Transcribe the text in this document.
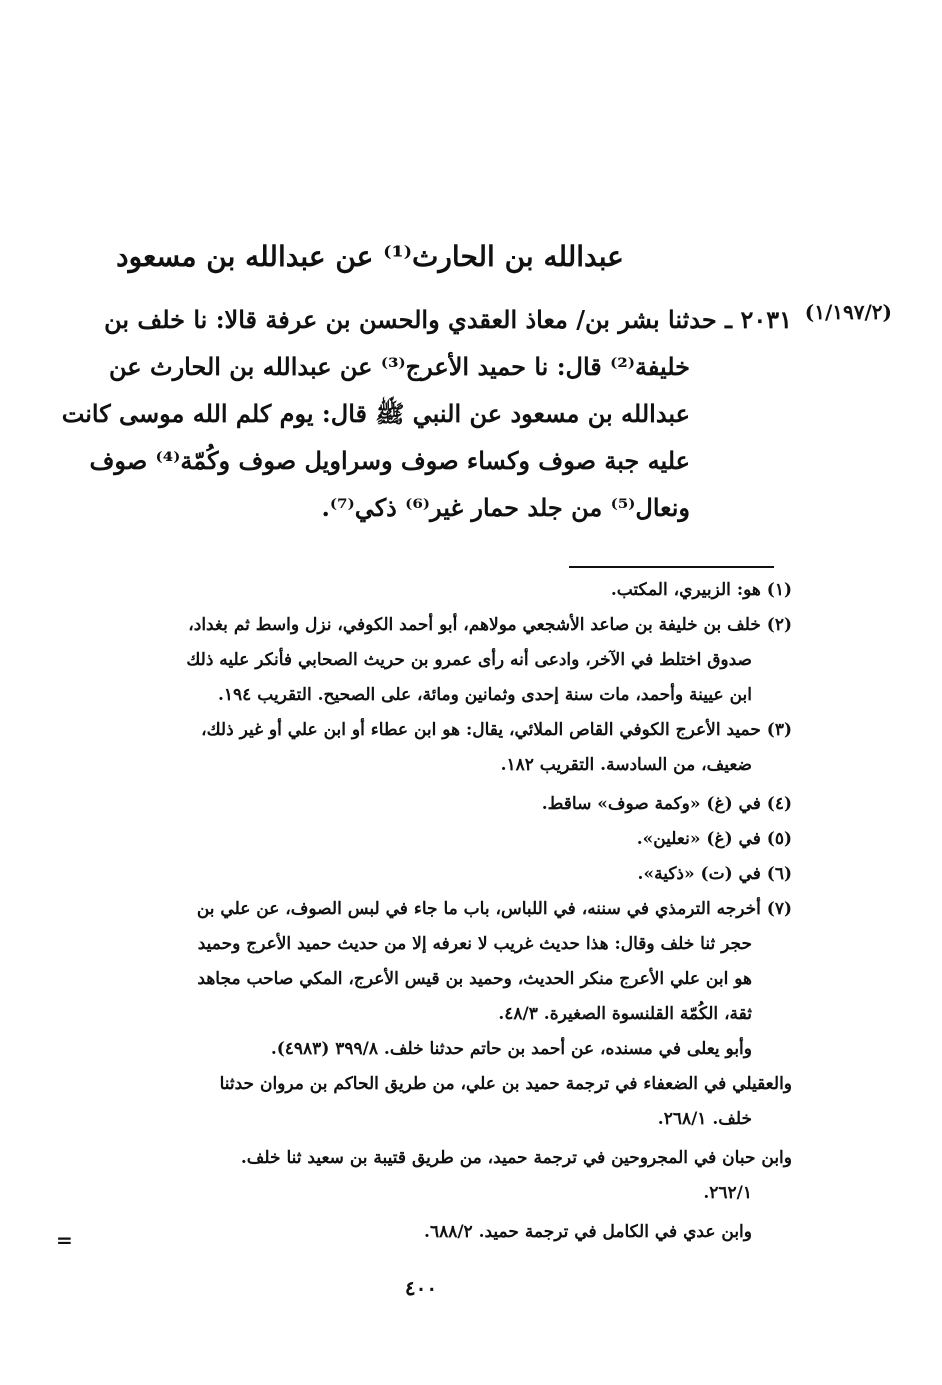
عبدالله بن الحارث⁽¹⁾ عن عبدالله بن مسعود
(١/١٩٧/٢)
٢٠٣١ ـ حدثنا بشر بن/ معاذ العقدي والحسن بن عرفة قالا: نا خلف بن
خليفة⁽²⁾ قال: نا حميد الأعرج⁽³⁾ عن عبدالله بن الحارث عن
عبدالله بن مسعود عن النبي ﷺ قال: يوم كلم الله موسى كانت
عليه جبة صوف وكساء صوف وسراويل صوف وكُمّة⁽⁴⁾ صوف
ونعال⁽⁵⁾ من جلد حمار غير⁽⁶⁾ ذكي⁽⁷⁾.
(١) هو: الزبيري، المكتب.
(٢) خلف بن خليفة بن صاعد الأشجعي مولاهم، أبو أحمد الكوفي، نزل واسط ثم بغداد،
صدوق اختلط في الآخر، وادعى أنه رأى عمرو بن حريث الصحابي فأنكر عليه ذلك
ابن عيينة وأحمد، مات سنة إحدى وثمانين ومائة، على الصحيح. التقريب ١٩٤.
(٣) حميد الأعرج الكوفي القاص الملائي، يقال: هو ابن عطاء أو ابن علي أو غير ذلك،
ضعيف، من السادسة. التقريب ١٨٢.
(٤) في (غ) «وكمة صوف» ساقط.
(٥) في (غ) «نعلين».
(٦) في (ت) «ذكية».
(٧) أخرجه الترمذي في سننه، في اللباس، باب ما جاء في لبس الصوف، عن علي بن
حجر ثنا خلف وقال: هذا حديث غريب لا نعرفه إلا من حديث حميد الأعرج وحميد
هو ابن علي الأعرج منكر الحديث، وحميد بن قيس الأعرج، المكي صاحب مجاهد
ثقة، الكُمّة القلنسوة الصغيرة. ٤٨/٣.
وأبو يعلى في مسنده، عن أحمد بن حاتم حدثنا خلف. ٣٩٩/٨ (٤٩٨٣).
والعقيلي في الضعفاء في ترجمة حميد بن علي، من طريق الحاكم بن مروان حدثنا
خلف. ٢٦٨/١.
وابن حبان في المجروحين في ترجمة حميد، من طريق قتيبة بن سعيد ثنا خلف.
٢٦٢/١.
وابن عدي في الكامل في ترجمة حميد. ٦٨٨/٢.
=
٤٠٠
